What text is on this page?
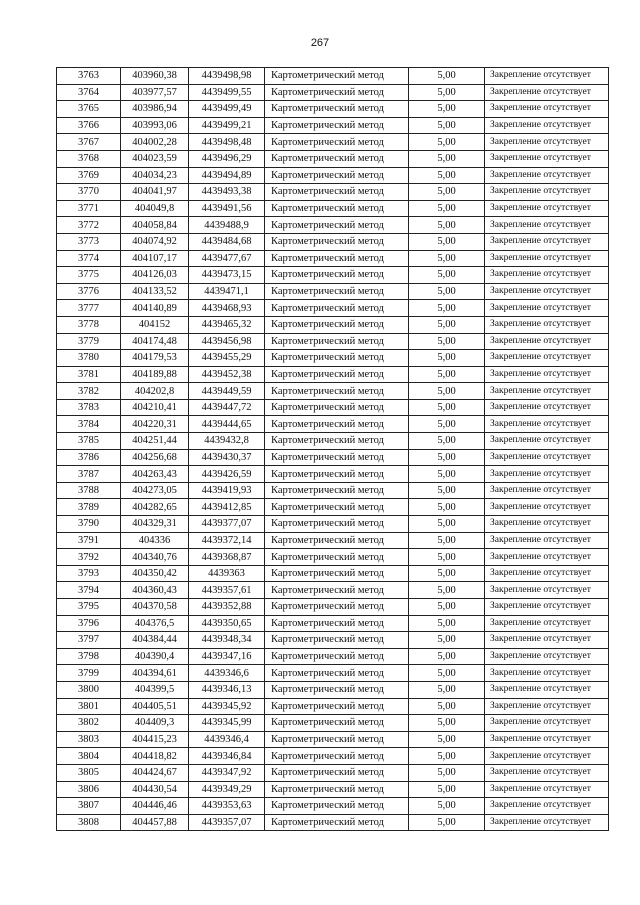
267
3763	403960,38	4439498,98	Картометрический метод	5,00	Закрепление отсутствует
3764	403977,57	4439499,55	Картометрический метод	5,00	Закрепление отсутствует
3765	403986,94	4439499,49	Картометрический метод	5,00	Закрепление отсутствует
3766	403993,06	4439499,21	Картометрический метод	5,00	Закрепление отсутствует
3767	404002,28	4439498,48	Картометрический метод	5,00	Закрепление отсутствует
3768	404023,59	4439496,29	Картометрический метод	5,00	Закрепление отсутствует
3769	404034,23	4439494,89	Картометрический метод	5,00	Закрепление отсутствует
3770	404041,97	4439493,38	Картометрический метод	5,00	Закрепление отсутствует
3771	404049,8	4439491,56	Картометрический метод	5,00	Закрепление отсутствует
3772	404058,84	4439488,9	Картометрический метод	5,00	Закрепление отсутствует
3773	404074,92	4439484,68	Картометрический метод	5,00	Закрепление отсутствует
3774	404107,17	4439477,67	Картометрический метод	5,00	Закрепление отсутствует
3775	404126,03	4439473,15	Картометрический метод	5,00	Закрепление отсутствует
3776	404133,52	4439471,1	Картометрический метод	5,00	Закрепление отсутствует
3777	404140,89	4439468,93	Картометрический метод	5,00	Закрепление отсутствует
3778	404152	4439465,32	Картометрический метод	5,00	Закрепление отсутствует
3779	404174,48	4439456,98	Картометрический метод	5,00	Закрепление отсутствует
3780	404179,53	4439455,29	Картометрический метод	5,00	Закрепление отсутствует
3781	404189,88	4439452,38	Картометрический метод	5,00	Закрепление отсутствует
3782	404202,8	4439449,59	Картометрический метод	5,00	Закрепление отсутствует
3783	404210,41	4439447,72	Картометрический метод	5,00	Закрепление отсутствует
3784	404220,31	4439444,65	Картометрический метод	5,00	Закрепление отсутствует
3785	404251,44	4439432,8	Картометрический метод	5,00	Закрепление отсутствует
3786	404256,68	4439430,37	Картометрический метод	5,00	Закрепление отсутствует
3787	404263,43	4439426,59	Картометрический метод	5,00	Закрепление отсутствует
3788	404273,05	4439419,93	Картометрический метод	5,00	Закрепление отсутствует
3789	404282,65	4439412,85	Картометрический метод	5,00	Закрепление отсутствует
3790	404329,31	4439377,07	Картометрический метод	5,00	Закрепление отсутствует
3791	404336	4439372,14	Картометрический метод	5,00	Закрепление отсутствует
3792	404340,76	4439368,87	Картометрический метод	5,00	Закрепление отсутствует
3793	404350,42	4439363	Картометрический метод	5,00	Закрепление отсутствует
3794	404360,43	4439357,61	Картометрический метод	5,00	Закрепление отсутствует
3795	404370,58	4439352,88	Картометрический метод	5,00	Закрепление отсутствует
3796	404376,5	4439350,65	Картометрический метод	5,00	Закрепление отсутствует
3797	404384,44	4439348,34	Картометрический метод	5,00	Закрепление отсутствует
3798	404390,4	4439347,16	Картометрический метод	5,00	Закрепление отсутствует
3799	404394,61	4439346,6	Картометрический метод	5,00	Закрепление отсутствует
3800	404399,5	4439346,13	Картометрический метод	5,00	Закрепление отсутствует
3801	404405,51	4439345,92	Картометрический метод	5,00	Закрепление отсутствует
3802	404409,3	4439345,99	Картометрический метод	5,00	Закрепление отсутствует
3803	404415,23	4439346,4	Картометрический метод	5,00	Закрепление отсутствует
3804	404418,82	4439346,84	Картометрический метод	5,00	Закрепление отсутствует
3805	404424,67	4439347,92	Картометрический метод	5,00	Закрепление отсутствует
3806	404430,54	4439349,29	Картометрический метод	5,00	Закрепление отсутствует
3807	404446,46	4439353,63	Картометрический метод	5,00	Закрепление отсутствует
3808	404457,88	4439357,07	Картометрический метод	5,00	Закрепление отсутствует
